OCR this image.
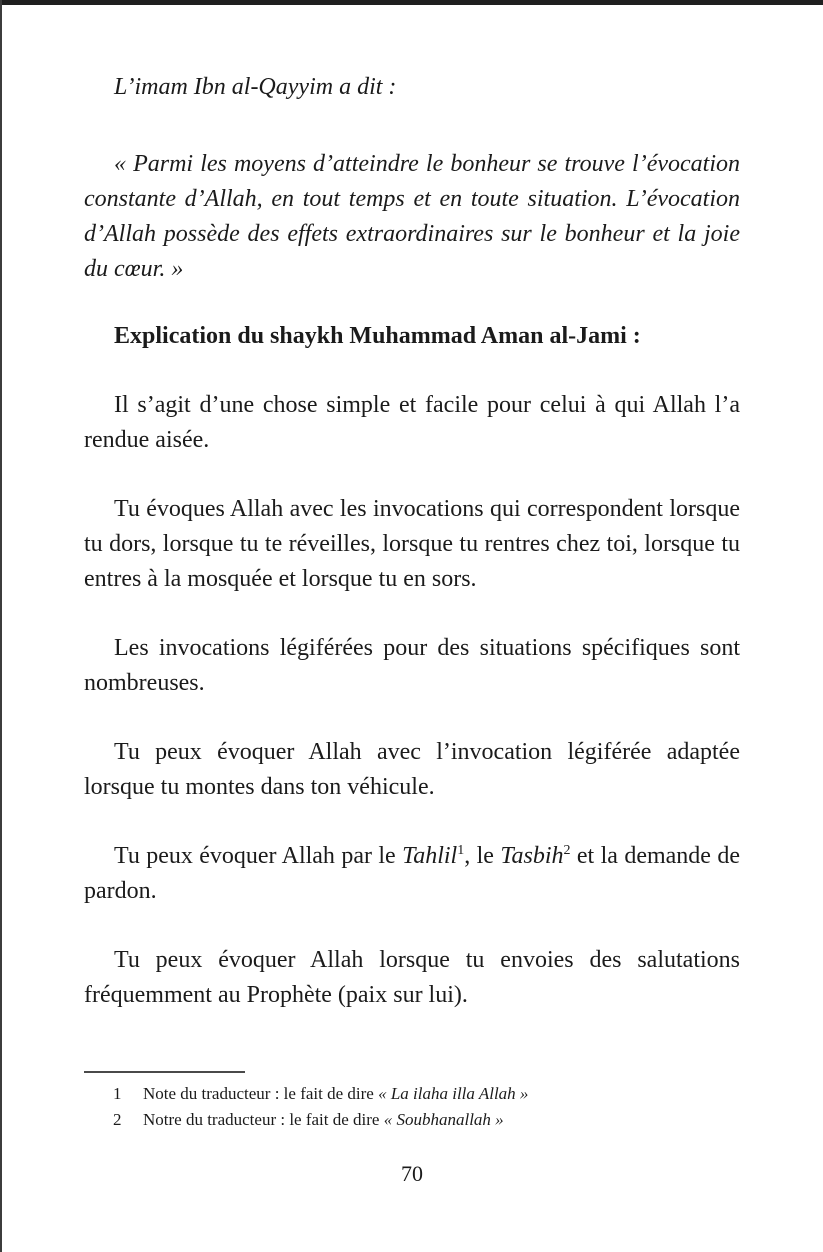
L’imam Ibn al-Qayyim a dit :

« Parmi les moyens d’atteindre le bonheur se trouve l’évocation constante d’Allah, en tout temps et en toute situation. L’évocation d’Allah possède des effets extraordinaires sur le bonheur et la joie du cœur. »

Explication du shaykh Muhammad Aman al-Jami :

Il s’agit d’une chose simple et facile pour celui à qui Allah l’a rendue aisée.

Tu évoques Allah avec les invocations qui correspondent lorsque tu dors, lorsque tu te réveilles, lorsque tu rentres chez toi, lorsque tu entres à la mosquée et lorsque tu en sors.

Les invocations légiférées pour des situations spécifiques sont nombreuses.

Tu peux évoquer Allah avec l’invocation légiférée adaptée lorsque tu montes dans ton véhicule.

Tu peux évoquer Allah par le Tahlil$^1$, le Tasbih$^2$ et la demande de pardon.

Tu peux évoquer Allah lorsque tu envoies des salutations fréquemment au Prophète (paix sur lui).

1	Note du traducteur : le fait de dire « La ilaha illa Allah »
2	Notre du traducteur : le fait de dire « Soubhanallah »
70
